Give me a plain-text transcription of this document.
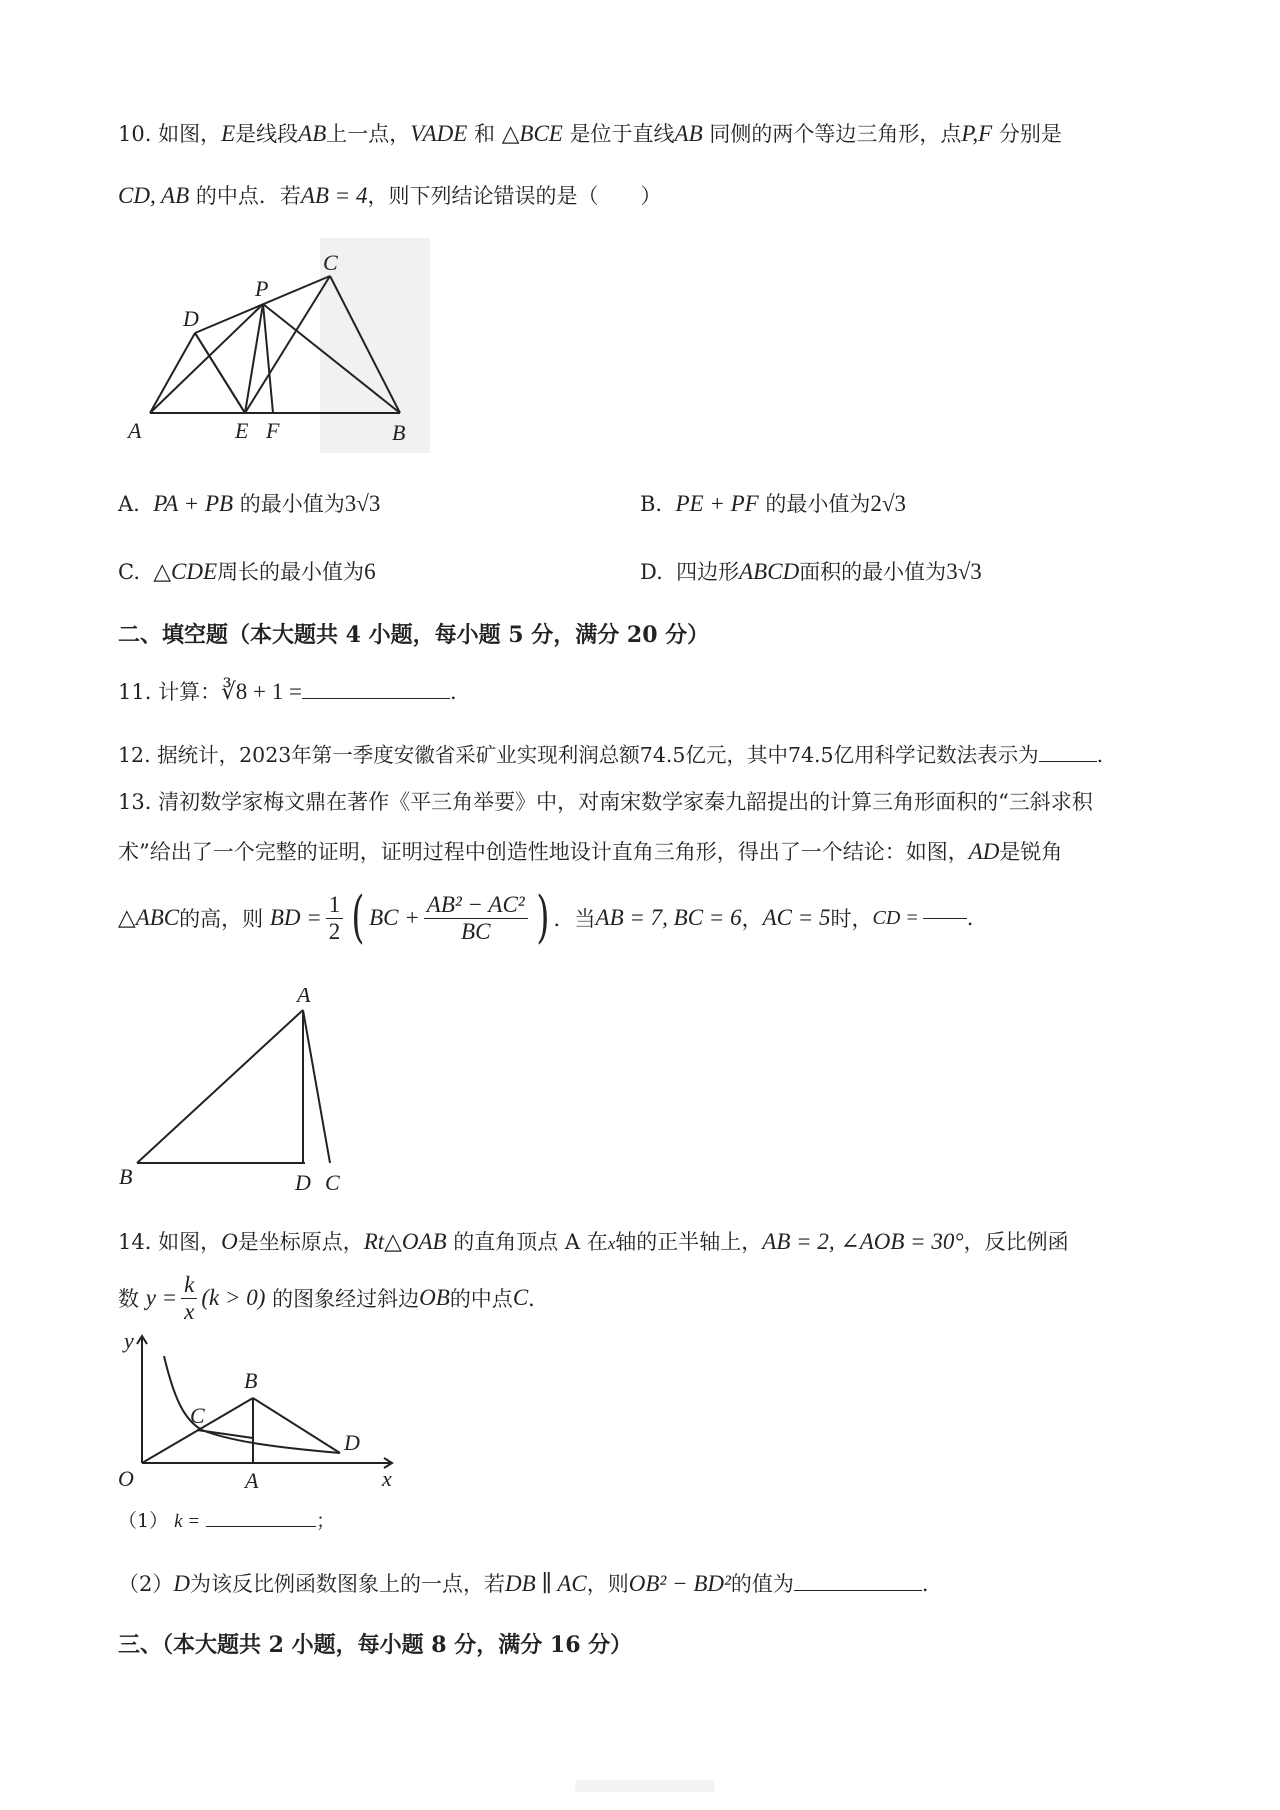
10. 如图，E是线段AB上一点，VADE 和 △BCE 是位于直线AB 同侧的两个等边三角形，点P,F 分别是
CD, AB 的中点．若AB = 4，则下列结论错误的是（　　）
A
D
P
C
E F	B
A. PA + PB 的最小值为3√3	B. PE + PF 的最小值为2√3
C. △CDE周长的最小值为6	D. 四边形ABCD面积的最小值为3√3
二、填空题（本大题共 4 小题，每小题 5 分，满分 20 分）
11. 计算：∛8 + 1 =	.
12. 据统计，2023年第一季度安徽省采矿业实现利润总额74.5亿元，其中74.5亿用科学记数法表示为	.
13. 清初数学家梅文鼎在著作《平三角举要》中，对南宋数学家秦九韶提出的计算三角形面积的“三斜求积
术”给出了一个完整的证明，证明过程中创造性地设计直角三角形，得出了一个结论：如图，AD是锐角
△ABC 的高，则
BD = $\frac{1}{2}$ ( BC + $\frac{\text{AB² − AC²}}{BC}$ ) ．当 AB = 7, BC = 6 ， AC = 5 时， CD = .
A
B	D C
14. 如图，O是坐标原点，Rt△OAB 的直角顶点 A 在x轴的正半轴上，AB = 2, ∠AOB = 30°，反比例函
数
$y = \frac{k}{x} (k > 0)$
的图象经过斜边 OB 的中点 C ．
y
x
O	A
B
C
D
（1） k =	；
（2）D为该反比例函数图象上的一点，若DB ∥ AC，则OB² − BD²的值为	.
三、（本大题共 2 小题，每小题 8 分，满分 16 分）
